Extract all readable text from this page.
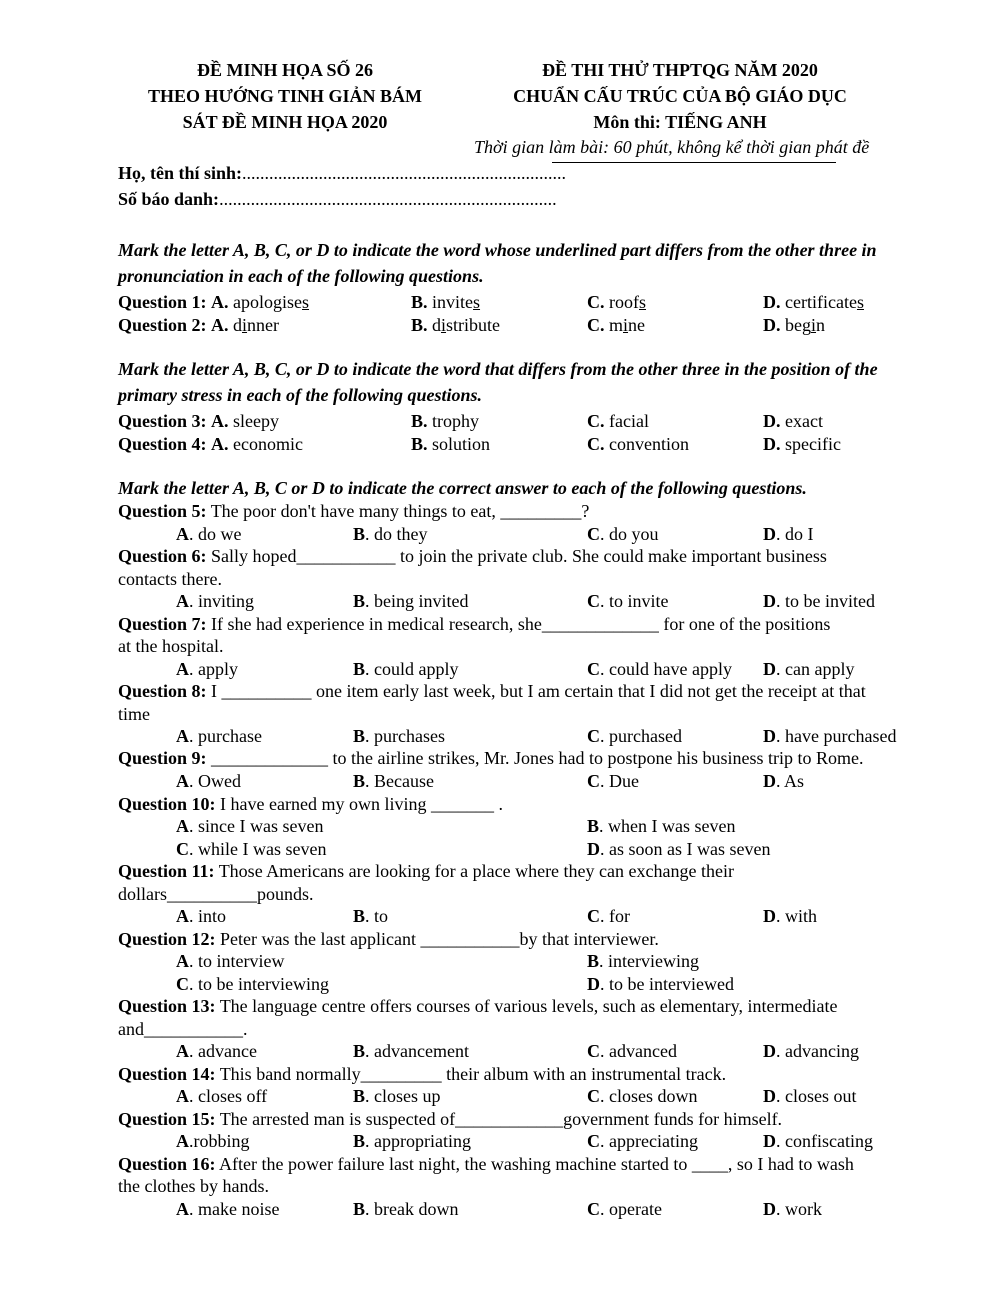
ĐỀ MINH HỌA SỐ 26
THEO HƯỚNG TINH GIẢN BÁM
SÁT ĐỀ MINH HỌA 2020
ĐỀ THI THỬ THPTQG NĂM 2020
CHUẨN CẤU TRÚC CỦA BỘ GIÁO DỤC
Môn thi: TIẾNG ANH
Thời gian làm bài: 60 phút, không kể thời gian phát đề
Họ, tên thí sinh:........................................................................
Số báo danh:...........................................................................
Mark the letter A, B, C, or D to indicate the word whose underlined part differs from the other three in
pronunciation in each of the following questions.
Question 1: A. apologises	B. invites	C. roofs	D. certificates
Question 2: A. dinner	B. distribute	C. mine	D. begin
Mark the letter A, B, C, or D to indicate the word that differs from the other three in the position of the
primary stress in each of the following questions.
Question 3: A. sleepy	B. trophy	C. facial	D. exact
Question 4: A. economic	B. solution	C. convention	D. specific
Mark the letter A, B, C or D to indicate the correct answer to each of the following questions.
Question 5: The poor don't have many things to eat, _________?
A. do we	B. do they	C. do you	D. do I
Question 6: Sally hoped___________ to join the private club. She could make important business
contacts there.
A. inviting	B. being invited	C. to invite	D. to be invited
Question 7: If she had experience in medical research, she_____________ for one of the positions
at the hospital.
A. apply	B. could apply	C. could have apply D. can apply
Question 8: I __________ one item early last week, but I am certain that I did not get the receipt at that
time
A. purchase	B. purchases	C. purchased	D. have purchased
Question 9: _____________ to the airline strikes, Mr. Jones had to postpone his business trip to Rome.
A. Owed	B. Because	C. Due	D. As
Question 10: I have earned my own living _______ .
A. since I was seven	B. when I was seven
C. while I was seven	D. as soon as I was seven
Question 11: Those Americans are looking for a place where they can exchange their
dollars__________pounds.
A. into	B. to	C. for	D. with
Question 12: Peter was the last applicant ___________by that interviewer.
A. to interview	B. interviewing
C. to be interviewing	D. to be interviewed
Question 13: The language centre offers courses of various levels, such as elementary, intermediate
and___________.
A. advance	B. advancement	C. advanced	D. advancing
Question 14: This band normally_________ their album with an instrumental track.
A. closes off	B. closes up	C. closes down	D. closes out
Question 15: The arrested man is suspected of____________government funds for himself.
A.robbing	B. appropriating	C. appreciating	D. confiscating
Question 16: After the power failure last night, the washing machine started to ____, so I had to wash
the clothes by hands.
A. make noise	B. break down	C. operate	D. work
